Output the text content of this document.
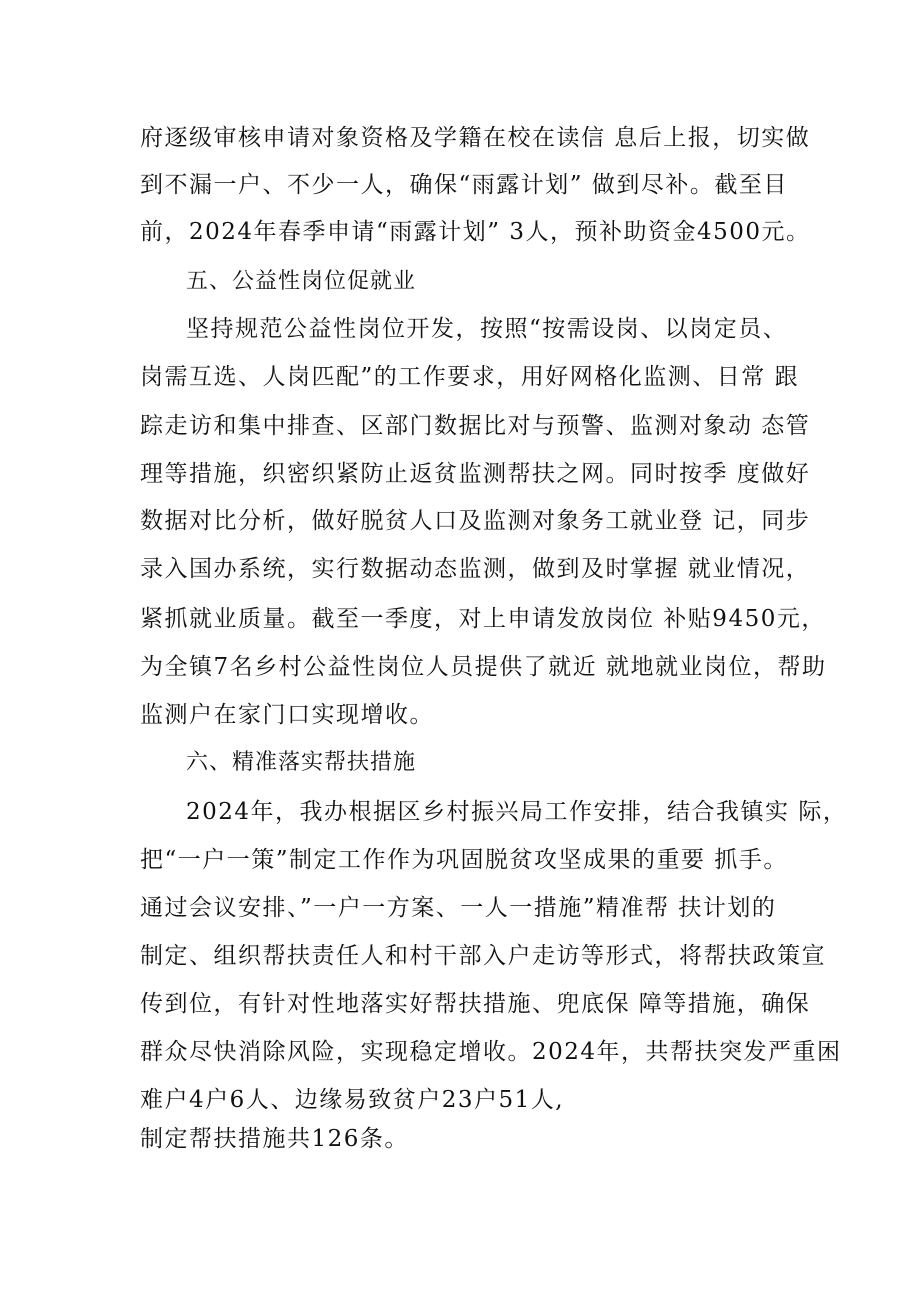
府逐级审核申请对象资格及学籍在校在读信 息后上报，切实做
到不漏一户、不少一人，确保“雨露计划” 做到尽补。截至目
前，2024年春季申请“雨露计划” 3人，预补助资金4500元。
五、公益性岗位促就业
坚持规范公益性岗位开发，按照“按需设岗、以岗定员、
岗需互选、人岗匹配”的工作要求，用好网格化监测、日常 跟
踪走访和集中排查、区部门数据比对与预警、监测对象动 态管
理等措施，织密织紧防止返贫监测帮扶之网。同时按季 度做好
数据对比分析，做好脱贫人口及监测对象务工就业登 记，同步
录入国办系统，实行数据动态监测，做到及时掌握 就业情况，
紧抓就业质量。截至一季度，对上申请发放岗位 补贴9450元，
为全镇7名乡村公益性岗位人员提供了就近 就地就业岗位，帮助
监测户在家门口实现增收。
六、精准落实帮扶措施
2024年，我办根据区乡村振兴局工作安排，结合我镇实 际，
把“一户一策”制定工作作为巩固脱贫攻坚成果的重要 抓手。
通过会议安排、”一户一方案、一人一措施”精准帮 扶计划的
制定、组织帮扶责任人和村干部入户走访等形式，将帮扶政策宣
传到位，有针对性地落实好帮扶措施、兜底保 障等措施，确保
群众尽快消除风险，实现稳定增收。2024年，共帮扶突发严重困
难户4户6人、边缘易致贫户23户51人,
制定帮扶措施共126条。
